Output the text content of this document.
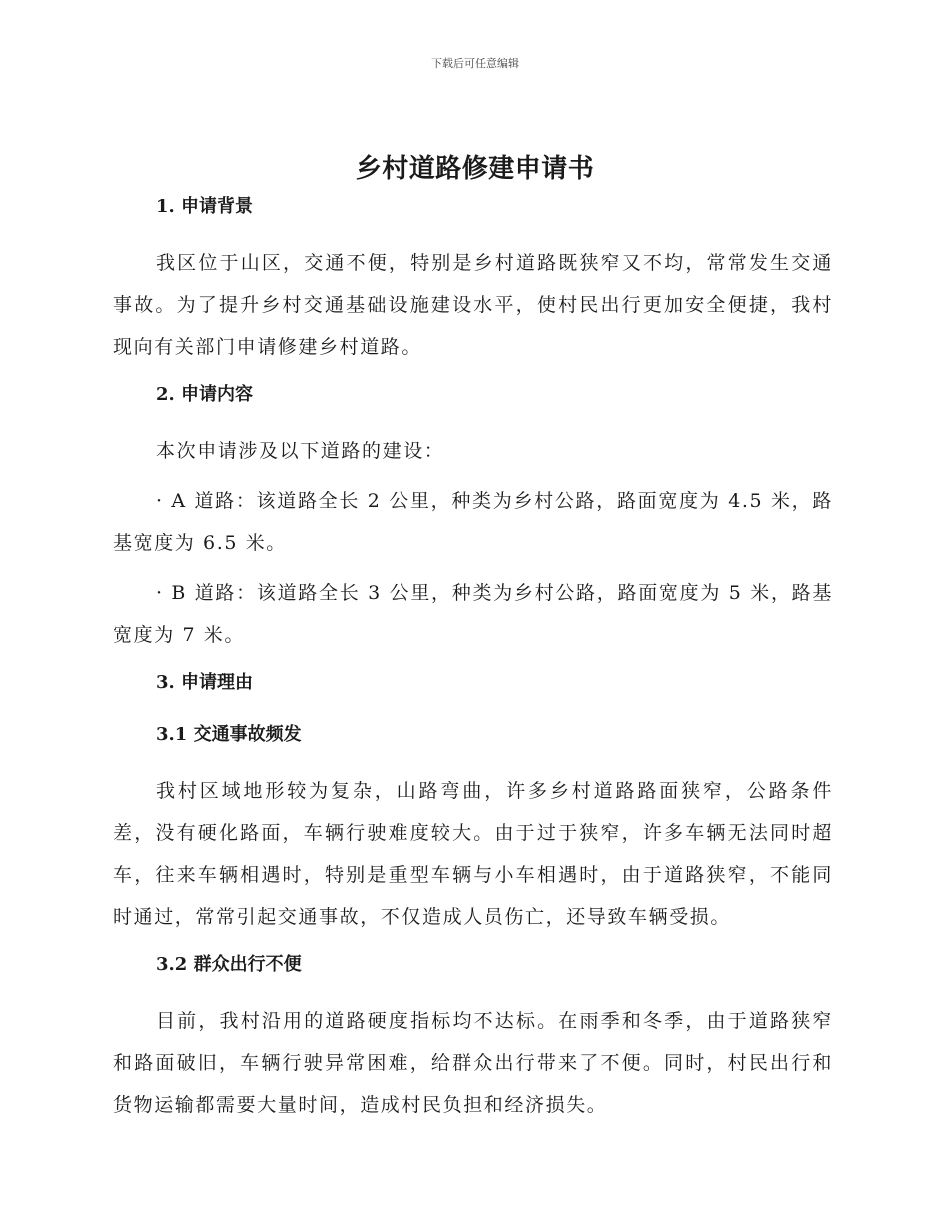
下载后可任意编辑
乡村道路修建申请书
1. 申请背景

我区位于山区，交通不便，特别是乡村道路既狭窄又不均，常常发生交通事故。为了提升乡村交通基础设施建设水平，使村民出行更加安全便捷，我村现向有关部门申请修建乡村道路。

2. 申请内容

本次申请涉及以下道路的建设：

· A 道路：该道路全长 2 公里，种类为乡村公路，路面宽度为 4.5 米，路基宽度为 6.5 米。

· B 道路：该道路全长 3 公里，种类为乡村公路，路面宽度为 5 米，路基宽度为 7 米。

3. 申请理由
3.1 交通事故频发

我村区域地形较为复杂，山路弯曲，许多乡村道路路面狭窄，公路条件差，没有硬化路面，车辆行驶难度较大。由于过于狭窄，许多车辆无法同时超车，往来车辆相遇时，特别是重型车辆与小车相遇时，由于道路狭窄，不能同时通过，常常引起交通事故，不仅造成人员伤亡，还导致车辆受损。

3.2 群众出行不便

目前，我村沿用的道路硬度指标均不达标。在雨季和冬季，由于道路狭窄和路面破旧，车辆行驶异常困难，给群众出行带来了不便。同时，村民出行和货物运输都需要大量时间，造成村民负担和经济损失。
